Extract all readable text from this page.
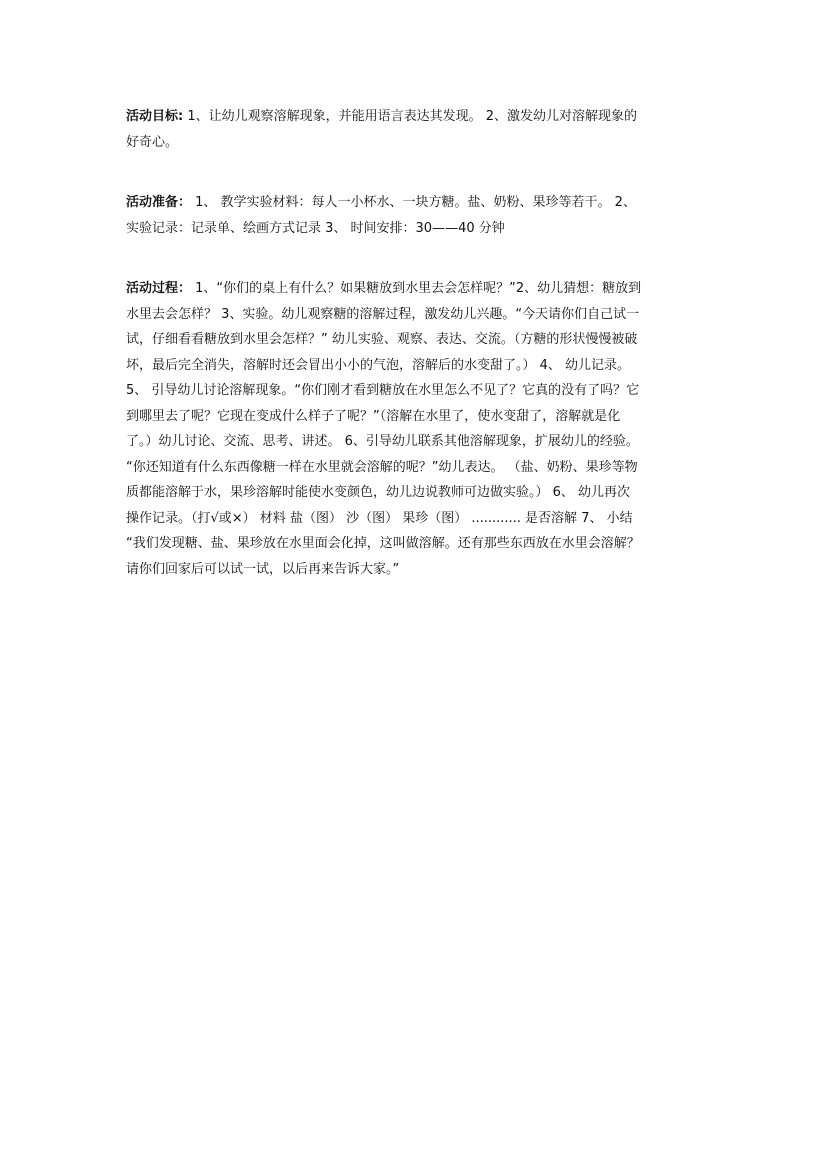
活动目标: 1、让幼儿观察溶解现象，并能用语言表达其发现。 2、激发幼儿对溶解现象的
好奇心。
活动准备： 1、 教学实验材料：每人一小杯水、一块方糖。盐、奶粉、果珍等若干。 2、
实验记录：记录单、绘画方式记录 3、 时间安排：30——40 分钟
活动过程： 1、“你们的桌上有什么？如果糖放到水里去会怎样呢？”2、幼儿猜想：糖放到
水里去会怎样？ 3、实验。幼儿观察糖的溶解过程，激发幼儿兴趣。“今天请你们自己试一
试，仔细看看糖放到水里会怎样？” 幼儿实验、观察、表达、交流。（方糖的形状慢慢被破
坏，最后完全消失，溶解时还会冒出小小的气泡，溶解后的水变甜了。） 4、 幼儿记录。
5、 引导幼儿讨论溶解现象。“你们刚才看到糖放在水里怎么不见了？它真的没有了吗？它
到哪里去了呢？它现在变成什么样子了呢？”（溶解在水里了，使水变甜了，溶解就是化
了。）幼儿讨论、交流、思考、讲述。 6、引导幼儿联系其他溶解现象，扩展幼儿的经验。
“你还知道有什么东西像糖一样在水里就会溶解的呢？”幼儿表达。 （盐、奶粉、果珍等物
质都能溶解于水，果珍溶解时能使水变颜色，幼儿边说教师可边做实验。） 6、 幼儿再次
操作记录。（打√或×） 材料 盐（图） 沙（图） 果珍（图） ............ 是否溶解 7、 小结
“我们发现糖、盐、果珍放在水里面会化掉，这叫做溶解。还有那些东西放在水里会溶解？
请你们回家后可以试一试，以后再来告诉大家。”
